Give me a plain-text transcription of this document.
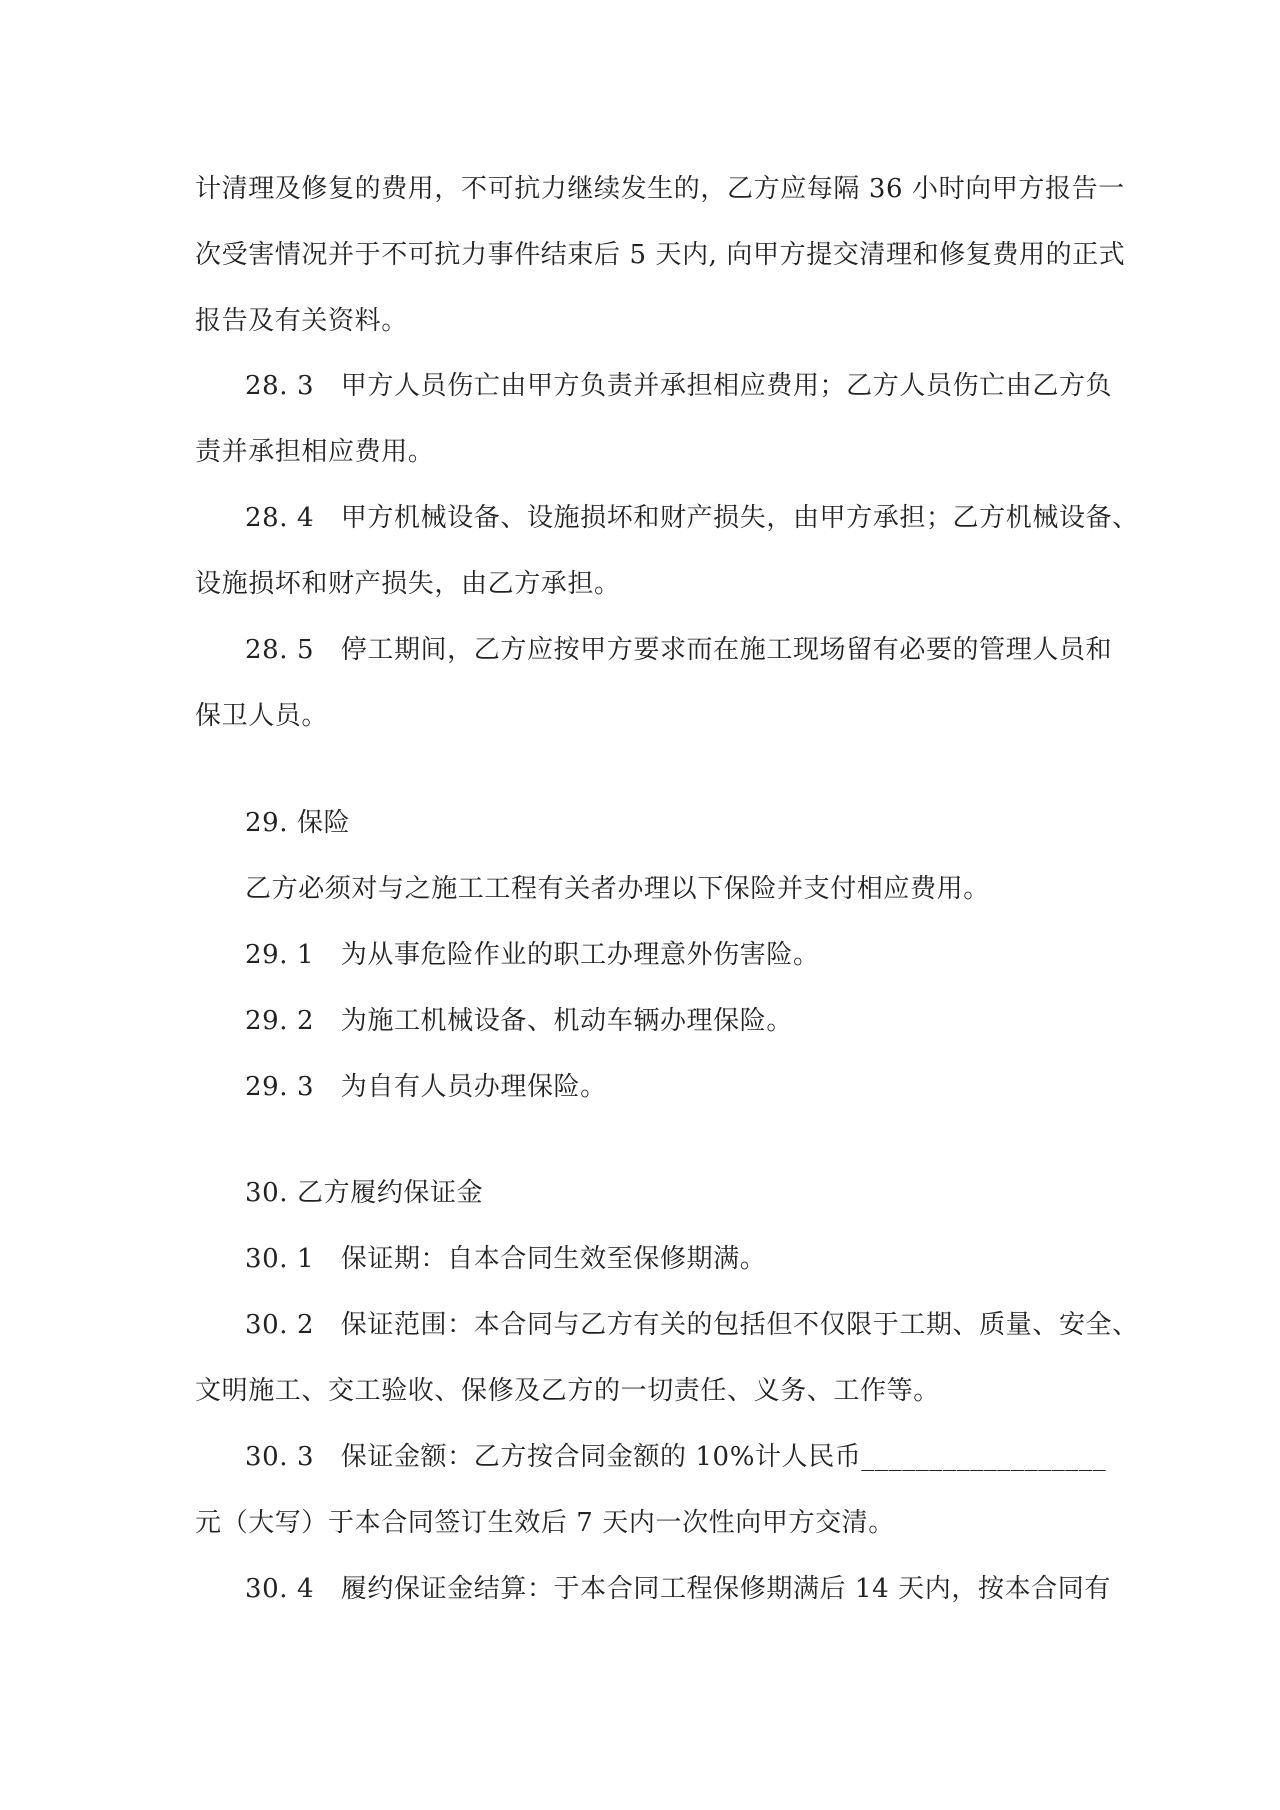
计清理及修复的费用，不可抗力继续发生的，乙方应每隔 36 小时向甲方报告一
次受害情况并于不可抗力事件结束后 5 天内, 向甲方提交清理和修复费用的正式
报告及有关资料。
28. 3　甲方人员伤亡由甲方负责并承担相应费用；乙方人员伤亡由乙方负
责并承担相应费用。
28. 4　甲方机械设备、设施损坏和财产损失，由甲方承担；乙方机械设备、
设施损坏和财产损失，由乙方承担。
28. 5　停工期间，乙方应按甲方要求而在施工现场留有必要的管理人员和
保卫人员。
29. 保险
乙方必须对与之施工工程有关者办理以下保险并支付相应费用。
29. 1　为从事危险作业的职工办理意外伤害险。
29. 2　为施工机械设备、机动车辆办理保险。
29. 3　为自有人员办理保险。
30. 乙方履约保证金
30. 1　保证期：自本合同生效至保修期满。
30. 2　保证范围：本合同与乙方有关的包括但不仅限于工期、质量、安全、
文明施工、交工验收、保修及乙方的一切责任、义务、工作等。
30. 3　保证金额：乙方按合同金额的 10%计人民币__________________
元（大写）于本合同签订生效后 7 天内一次性向甲方交清。
30. 4　履约保证金结算：于本合同工程保修期满后 14 天内，按本合同有
